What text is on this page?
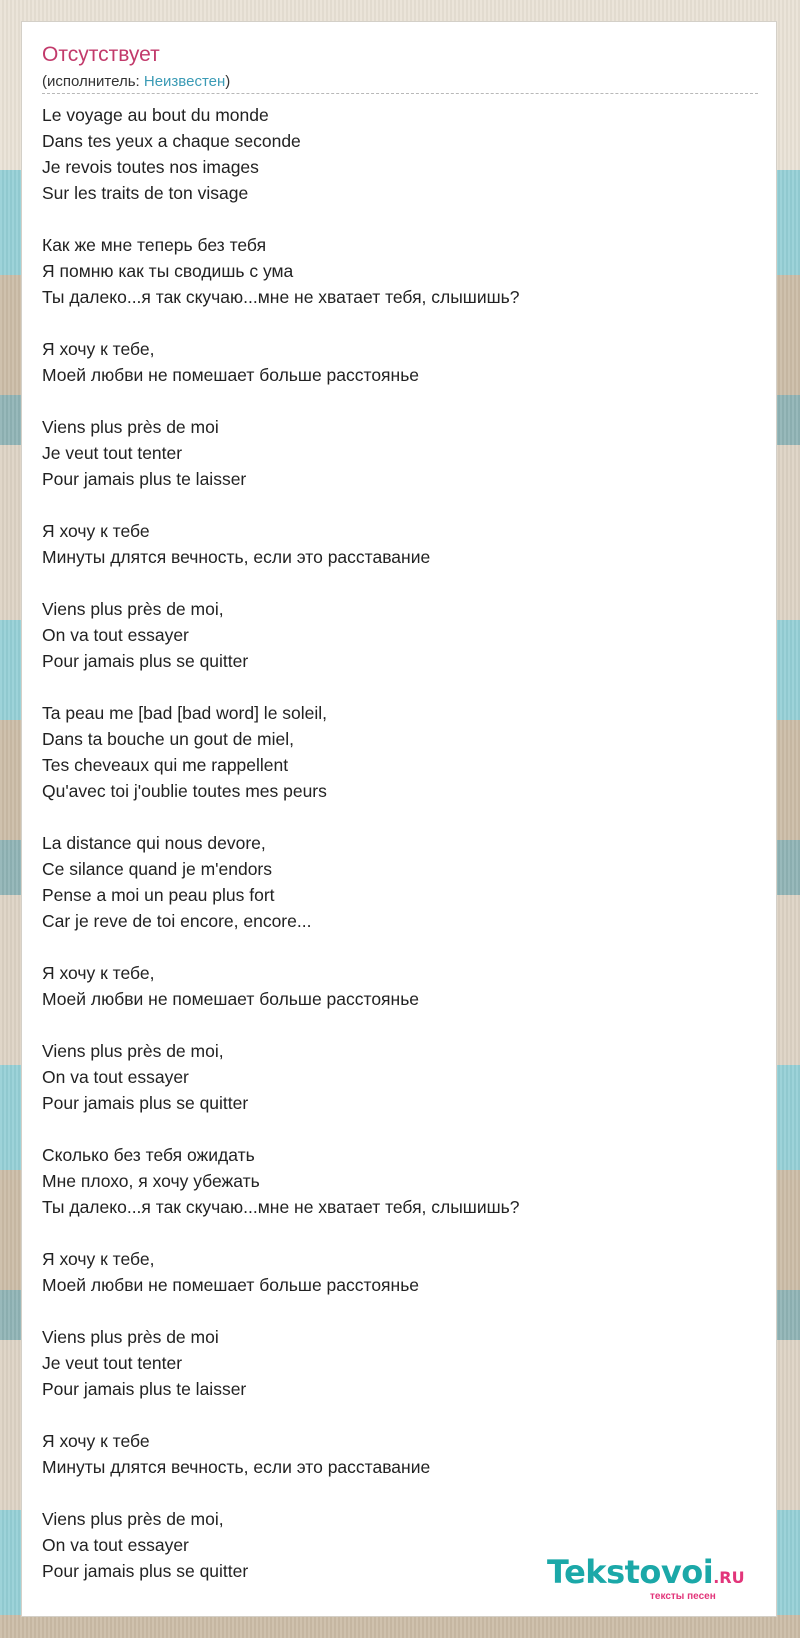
Отсутствует
(исполнитель: Неизвестен)
Le voyage au bout du monde
Dans tes yeux a chaque seconde
Je revois toutes nos images
Sur les traits de ton visage
Как же мне теперь без тебя
Я помню как ты сводишь с ума
Ты далеко...я так скучаю...мне не хватает тебя, слышишь?
Я хочу к тебе,
Моей любви не помешает больше расстоянье
Viens plus près de moi
Je veut tout tenter
Pour jamais plus te laisser
Я хочу к тебе
Минуты длятся вечность, если это расставание
Viens plus près de moi,
On va tout essayer
Pour jamais plus se quitter
Ta peau me [bad [bad word] le soleil,
Dans ta bouche un gout de miel,
Tes cheveaux qui me rappellent
Qu'avec toi j'oublie toutes mes peurs
La distance qui nous devore,
Ce silance quand je m'endors
Pense a moi un peau plus fort
Car je reve de toi encore, encore...
Я хочу к тебе,
Моей любви не помешает больше расстоянье
Viens plus près de moi,
On va tout essayer
Pour jamais plus se quitter
Сколько без тебя ожидать
Мне плохо, я хочу убежать
Ты далеко...я так скучаю...мне не хватает тебя, слышишь?
Я хочу к тебе,
Моей любви не помешает больше расстоянье
Viens plus près de moi
Je veut tout tenter
Pour jamais plus te laisser
Я хочу к тебе
Минуты длятся вечность, если это расставание
Viens plus près de moi,
On va tout essayer
Pour jamais plus se quitter	Tekstovoi.RU
тексты песен
